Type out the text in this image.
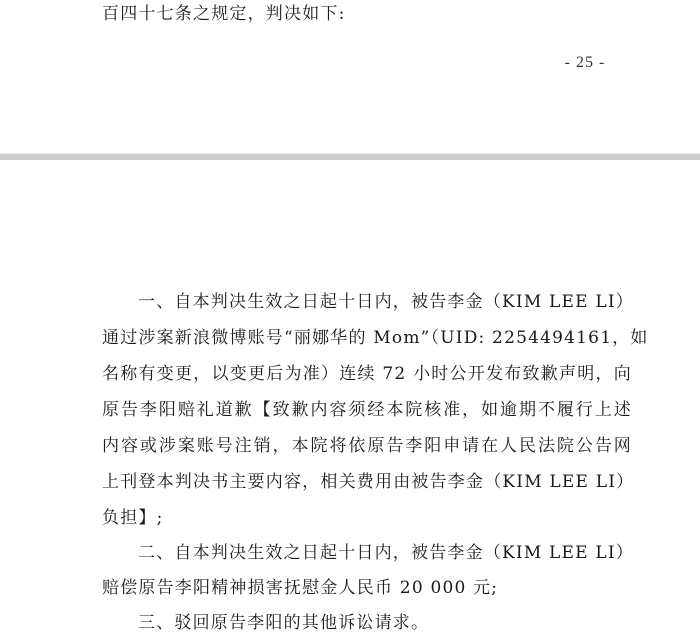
百四十七条之规定，判决如下:
- 25 -
一、自本判决生效之日起十日内，被告李金（KIM LEE LI）
通过涉案新浪微博账号“丽娜华的 Mom”（UID: 2254494161，如
名称有变更，以变更后为准）连续 72 小时公开发布致歉声明，向
原告李阳赔礼道歉【致歉内容须经本院核准，如逾期不履行上述
内容或涉案账号注销，本院将依原告李阳申请在人民法院公告网
上刊登本判决书主要内容，相关费用由被告李金（KIM LEE LI）
负担】;
二、自本判决生效之日起十日内，被告李金（KIM LEE LI）
赔偿原告李阳精神损害抚慰金人民币 20 000 元;
三、驳回原告李阳的其他诉讼请求。
